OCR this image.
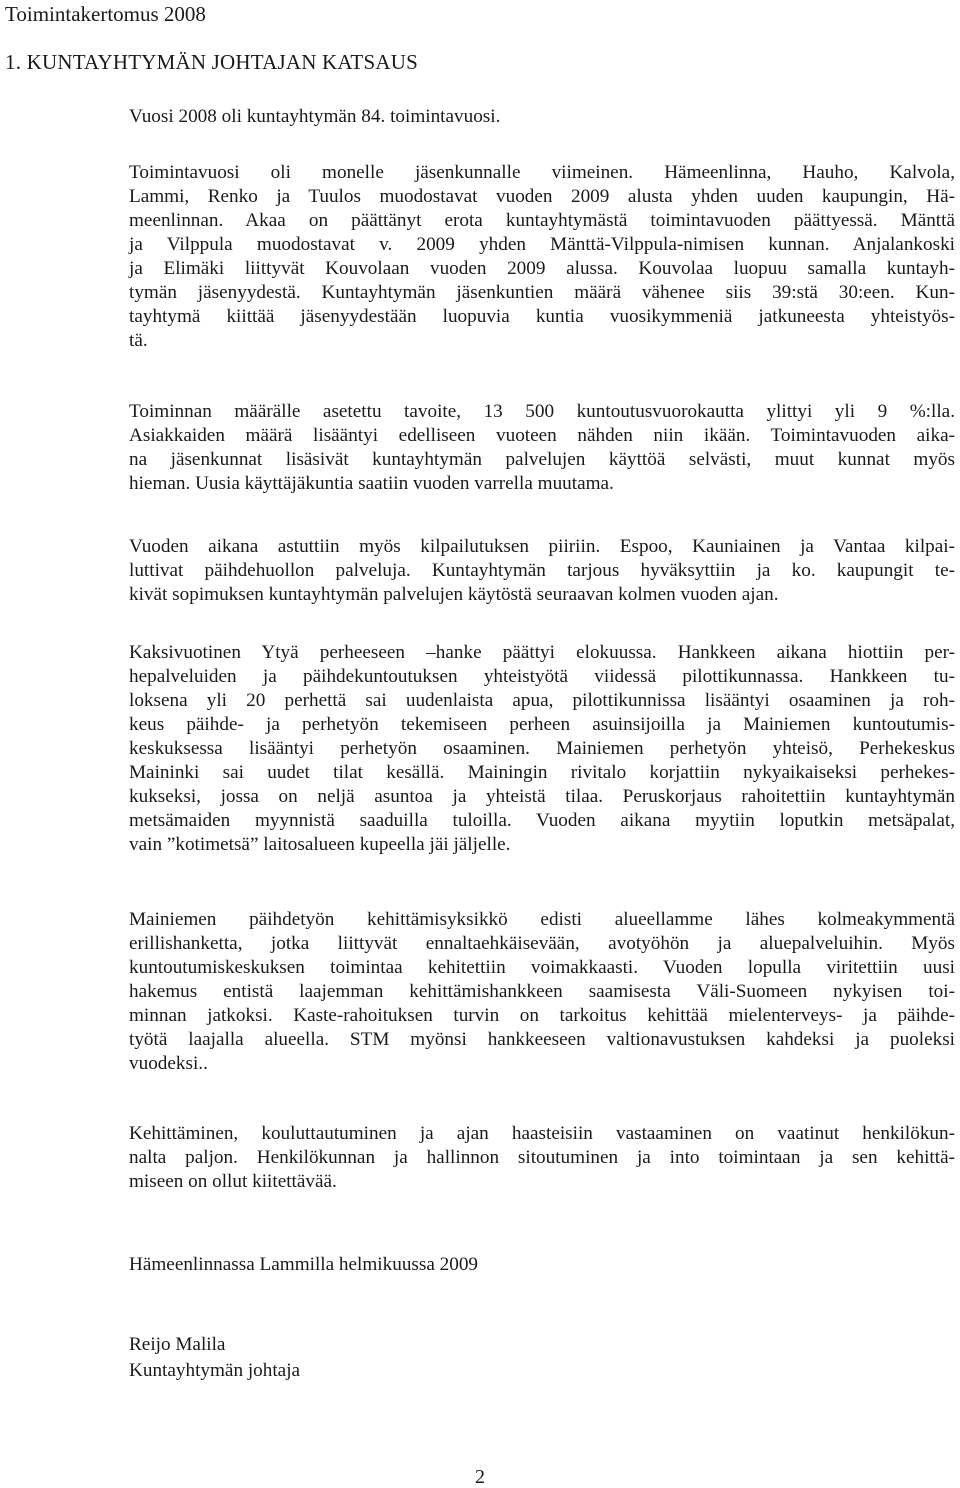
Toimintakertomus 2008
1. KUNTAYHTYMÄN JOHTAJAN KATSAUS
Vuosi 2008 oli kuntayhtymän 84. toimintavuosi.
Toimintavuosi oli monelle jäsenkunnalle viimeinen. Hämeenlinna, Hauho, Kalvola,
Lammi, Renko ja Tuulos muodostavat vuoden 2009 alusta yhden uuden kaupungin, Hä-
meenlinnan. Akaa on päättänyt erota kuntayhtymästä toimintavuoden päättyessä. Mänttä
ja Vilppula muodostavat v. 2009 yhden Mänttä-Vilppula-nimisen kunnan. Anjalankoski
ja Elimäki liittyvät Kouvolaan vuoden 2009 alussa. Kouvolaa luopuu samalla kuntayh-
tymän jäsenyydestä. Kuntayhtymän jäsenkuntien määrä vähenee siis 39:stä 30:een. Kun-
tayhtymä kiittää jäsenyydestään luopuvia kuntia vuosikymmeniä jatkuneesta yhteistyös-
tä.
Toiminnan määrälle asetettu tavoite, 13 500 kuntoutusvuorokautta ylittyi yli 9 %:lla.
Asiakkaiden määrä lisääntyi edelliseen vuoteen nähden niin ikään. Toimintavuoden aika-
na jäsenkunnat lisäsivät kuntayhtymän palvelujen käyttöä selvästi, muut kunnat myös
hieman. Uusia käyttäjäkuntia saatiin vuoden varrella muutama.
Vuoden aikana astuttiin myös kilpailutuksen piiriin. Espoo, Kauniainen ja Vantaa kilpai-
luttivat päihdehuollon palveluja. Kuntayhtymän tarjous hyväksyttiin ja ko. kaupungit te-
kivät sopimuksen kuntayhtymän palvelujen käytöstä seuraavan kolmen vuoden ajan.
Kaksivuotinen Ytyä perheeseen –hanke päättyi elokuussa. Hankkeen aikana hiottiin per-
hepalveluiden ja päihdekuntoutuksen yhteistyötä viidessä pilottikunnassa. Hankkeen tu-
loksena yli 20 perhettä sai uudenlaista apua, pilottikunnissa lisääntyi osaaminen ja roh-
keus päihde- ja perhetyön tekemiseen perheen asuinsijoilla ja Mainiemen kuntoutumis-
keskuksessa lisääntyi perhetyön osaaminen. Mainiemen perhetyön yhteisö, Perhekeskus
Maininki sai uudet tilat kesällä. Mainingin rivitalo korjattiin nykyaikaiseksi perhekes-
kukseksi, jossa on neljä asuntoa ja yhteistä tilaa. Peruskorjaus rahoitettiin kuntayhtymän
metsämaiden myynnistä saaduilla tuloilla. Vuoden aikana myytiin loputkin metsäpalat,
vain ”kotimetsä” laitosalueen kupeella jäi jäljelle.
Mainiemen päihdetyön kehittämisyksikkö edisti alueellamme lähes kolmeakymmentä
erillishanketta, jotka liittyvät ennaltaehkäisevään, avotyöhön ja aluepalveluihin. Myös
kuntoutumiskeskuksen toimintaa kehitettiin voimakkaasti. Vuoden lopulla viritettiin uusi
hakemus entistä laajemman kehittämishankkeen saamisesta Väli-Suomeen nykyisen toi-
minnan jatkoksi. Kaste-rahoituksen turvin on tarkoitus kehittää mielenterveys- ja päihde-
työtä laajalla alueella. STM myönsi hankkeeseen valtionavustuksen kahdeksi ja puoleksi
vuodeksi..
Kehittäminen, kouluttautuminen ja ajan haasteisiin vastaaminen on vaatinut henkilökun-
nalta paljon. Henkilökunnan ja hallinnon sitoutuminen ja into toimintaan ja sen kehittä-
miseen on ollut kiitettävää.
Hämeenlinnassa Lammilla helmikuussa 2009
Reijo Malila
Kuntayhtymän johtaja
2
